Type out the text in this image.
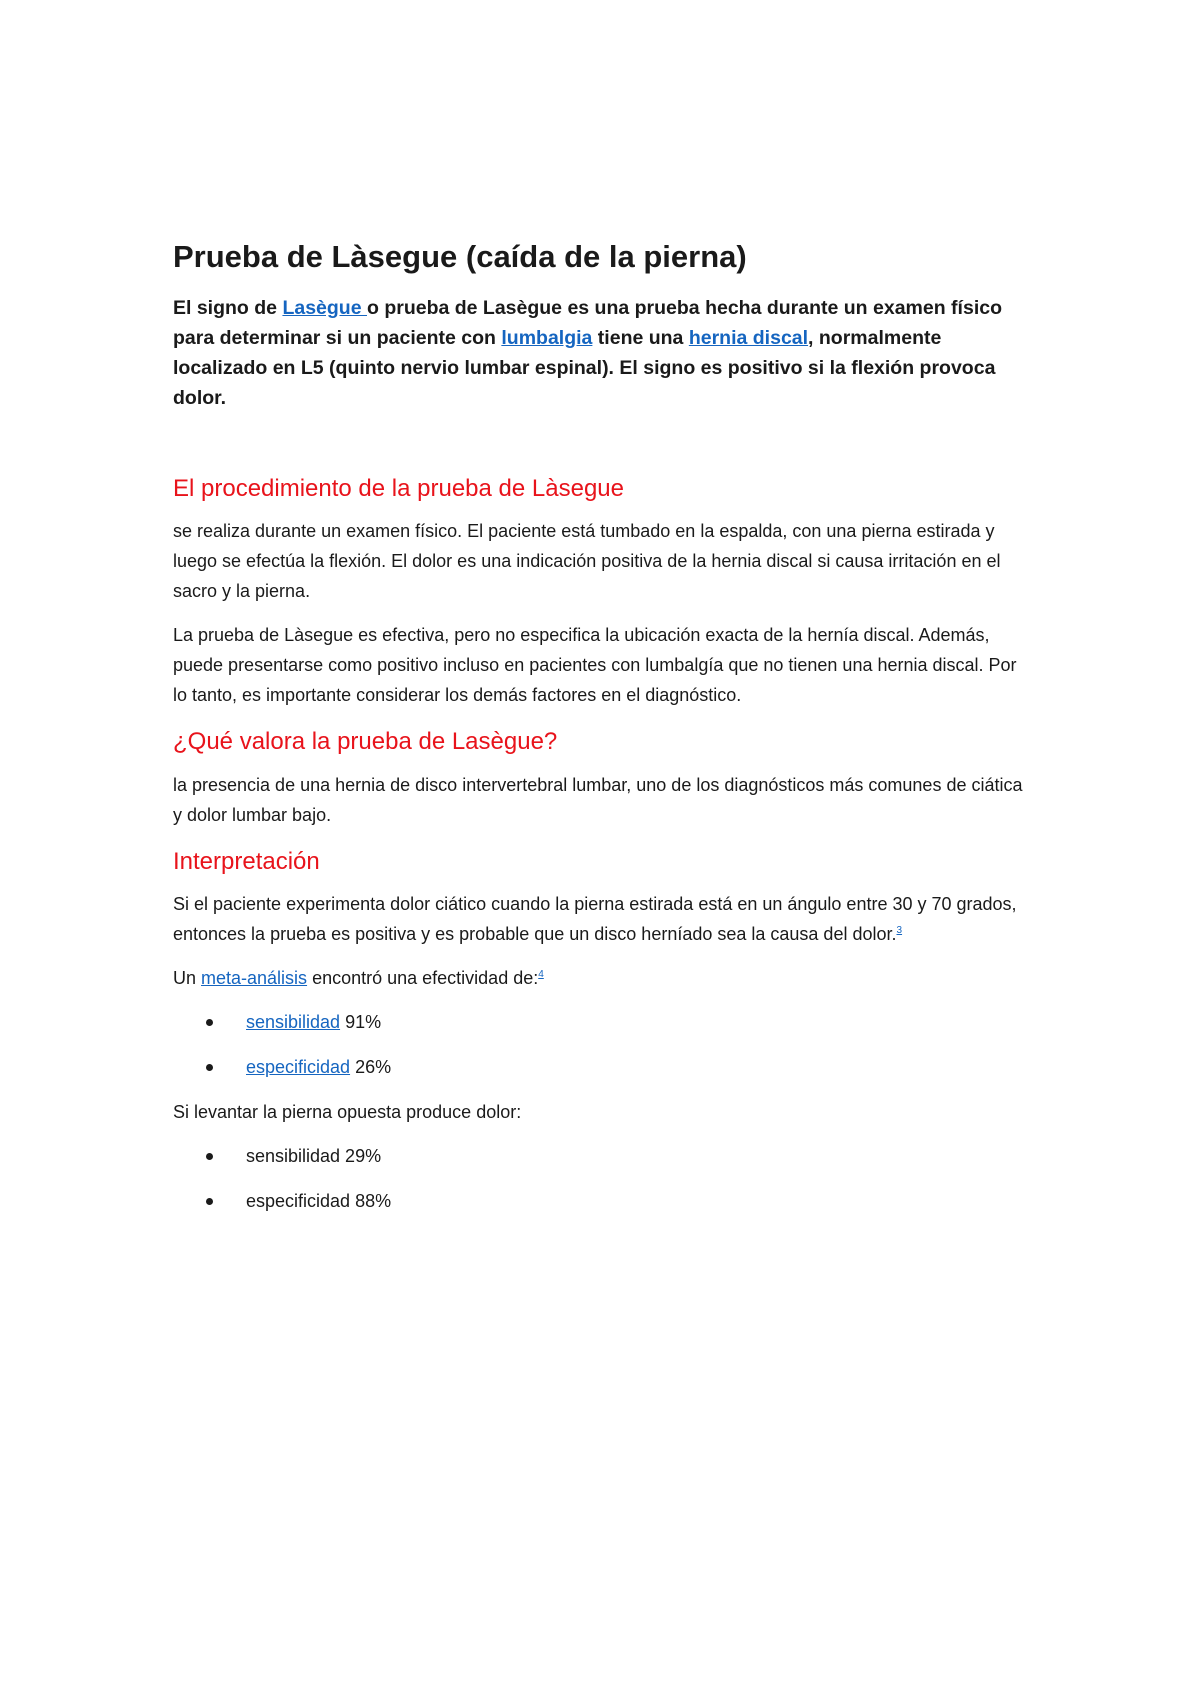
Prueba de Làsegue (caída de la pierna)

El signo de Lasègue o prueba de Lasègue es una prueba hecha durante un examen físico para determinar si un paciente con lumbalgia tiene una hernia discal, normalmente localizado en L5 (quinto nervio lumbar espinal). El signo es positivo si la flexión provoca dolor.

El procedimiento de la prueba de Làsegue

se realiza durante un examen físico. El paciente está tumbado en la espalda, con una pierna estirada y luego se efectúa la flexión. El dolor es una indicación positiva de la hernia discal si causa irritación en el sacro y la pierna.

La prueba de Làsegue es efectiva, pero no especifica la ubicación exacta de la hernía discal. Además, puede presentarse como positivo incluso en pacientes con lumbalgía que no tienen una hernia discal. Por lo tanto, es importante considerar los demás factores en el diagnóstico.

¿Qué valora la prueba de Lasègue?

la presencia de una hernia de disco intervertebral lumbar, uno de los diagnósticos más comunes de ciática y dolor lumbar bajo.

Interpretación

Si el paciente experimenta dolor ciático cuando la pierna estirada está en un ángulo entre 30 y 70 grados, entonces la prueba es positiva y es probable que un disco herníado sea la causa del dolor.$^3$

Un meta-análisis encontró una efectividad de:$^4$

sensibilidad 91%
especificidad 26%

Si levantar la pierna opuesta produce dolor:

sensibilidad 29%
especificidad 88%
